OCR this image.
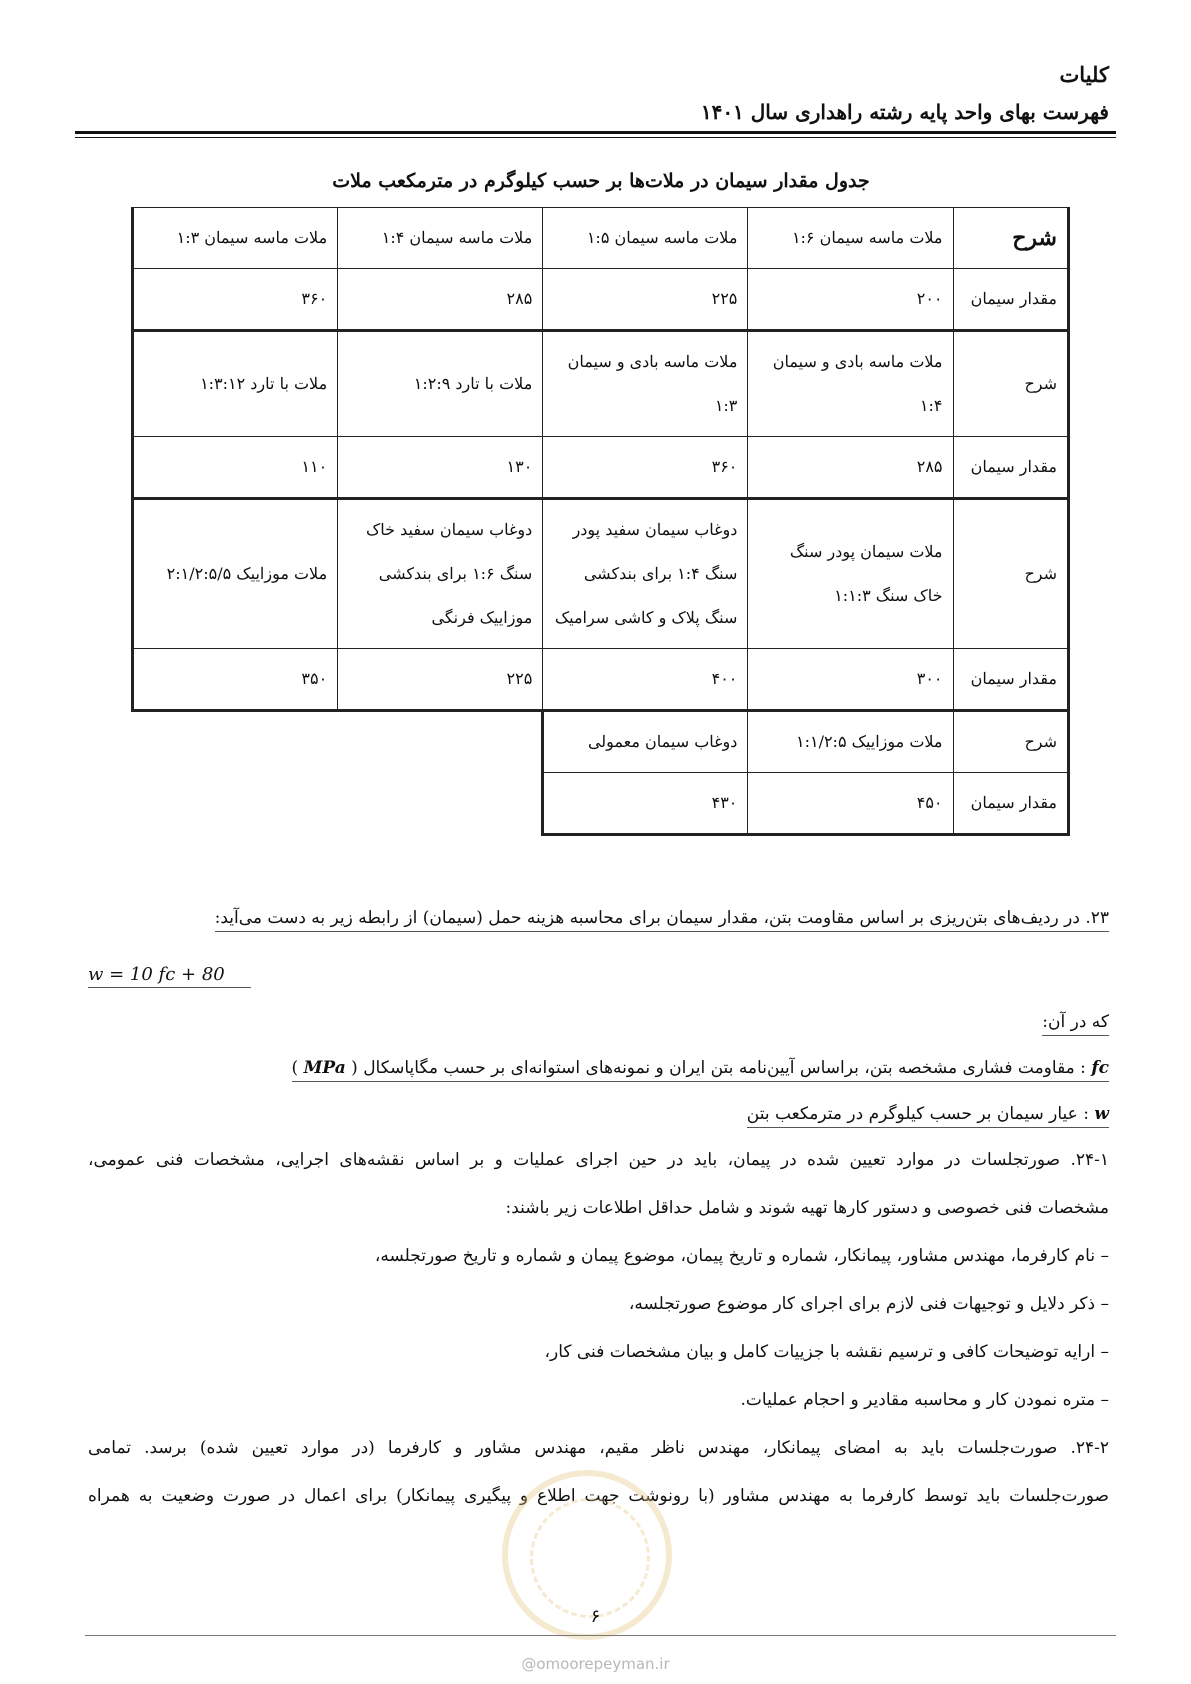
کلیات
فهرست بهای واحد پایه رشته راهداری سال ۱۴۰۱
جدول مقدار سیمان در ملات‌ها بر حسب کیلوگرم در مترمکعب ملات
شرح	ملات ماسه سیمان ۱:۶	ملات ماسه سیمان ۱:۵	ملات ماسه سیمان ۱:۴	ملات ماسه سیمان ۱:۳
مقدار سیمان	۲۰۰	۲۲۵	۲۸۵	۳۶۰
شرح	ملات ماسه بادی و سیمان ۱:۴	ملات ماسه بادی و سیمان ۱:۳	ملات با تارد ۱:۲:۹	ملات با تارد ۱:۳:۱۲
مقدار سیمان	۲۸۵	۳۶۰	۱۳۰	۱۱۰
شرح	ملات سیمان پودر سنگ خاک سنگ ۱:۱:۳	دوغاب سیمان سفید پودر سنگ ۱:۴ برای بندکشی سنگ پلاک و کاشی سرامیک	دوغاب سیمان سفید خاک سنگ ۱:۶ برای بندکشی موزاییک فرنگی	ملات موزاییک ۲:۱/۲:۵/۵
مقدار سیمان	۳۰۰	۴۰۰	۲۲۵	۳۵۰
شرح	ملات موزاییک ۱:۱/۲:۵	دوغاب سیمان معمولی		
مقدار سیمان	۴۵۰	۴۳۰		
۲۳. در ردیف‌های بتن‌ریزی بر اساس مقاومت بتن، مقدار سیمان برای محاسبه هزینه حمل (سیمان) از رابطه زیر به دست می‌آید:
w = 10 fc + 80
که در آن:
fc : مقاومت فشاری مشخصه بتن، براساس آیین‌نامه بتن ایران و نمونه‌های استوانه‌ای بر حسب مگاپاسکال ( MPa )
w : عیار سیمان بر حسب کیلوگرم در مترمکعب بتن
۲۴-۱. صورتجلسات در موارد تعیین شده در پیمان، باید در حین اجرای عملیات و بر اساس نقشه‌های اجرایی، مشخصات فنی عمومی،
مشخصات فنی خصوصی و دستور کارها تهیه شوند و شامل حداقل اطلاعات زیر باشند:
– نام کارفرما، مهندس مشاور، پیمانکار، شماره و تاریخ پیمان، موضوع پیمان و شماره و تاریخ صورتجلسه،
– ذکر دلایل و توجیهات فنی لازم برای اجرای کار موضوع صورتجلسه،
– ارایه توضیحات کافی و ترسیم نقشه با جزییات کامل و بیان مشخصات فنی کار،
– متره نمودن کار و محاسبه مقادیر و احجام عملیات.
۲۴-۲. صورت‌جلسات باید به امضای پیمانکار، مهندس ناظر مقیم، مهندس مشاور و کارفرما (در موارد تعیین شده) برسد. تمامی
صورت‌جلسات باید توسط کارفرما به مهندس مشاور (با رونوشت جهت اطلاع و پیگیری پیمانکار) برای اعمال در صورت وضعیت به همراه
۶
@omoorepeyman.ir
